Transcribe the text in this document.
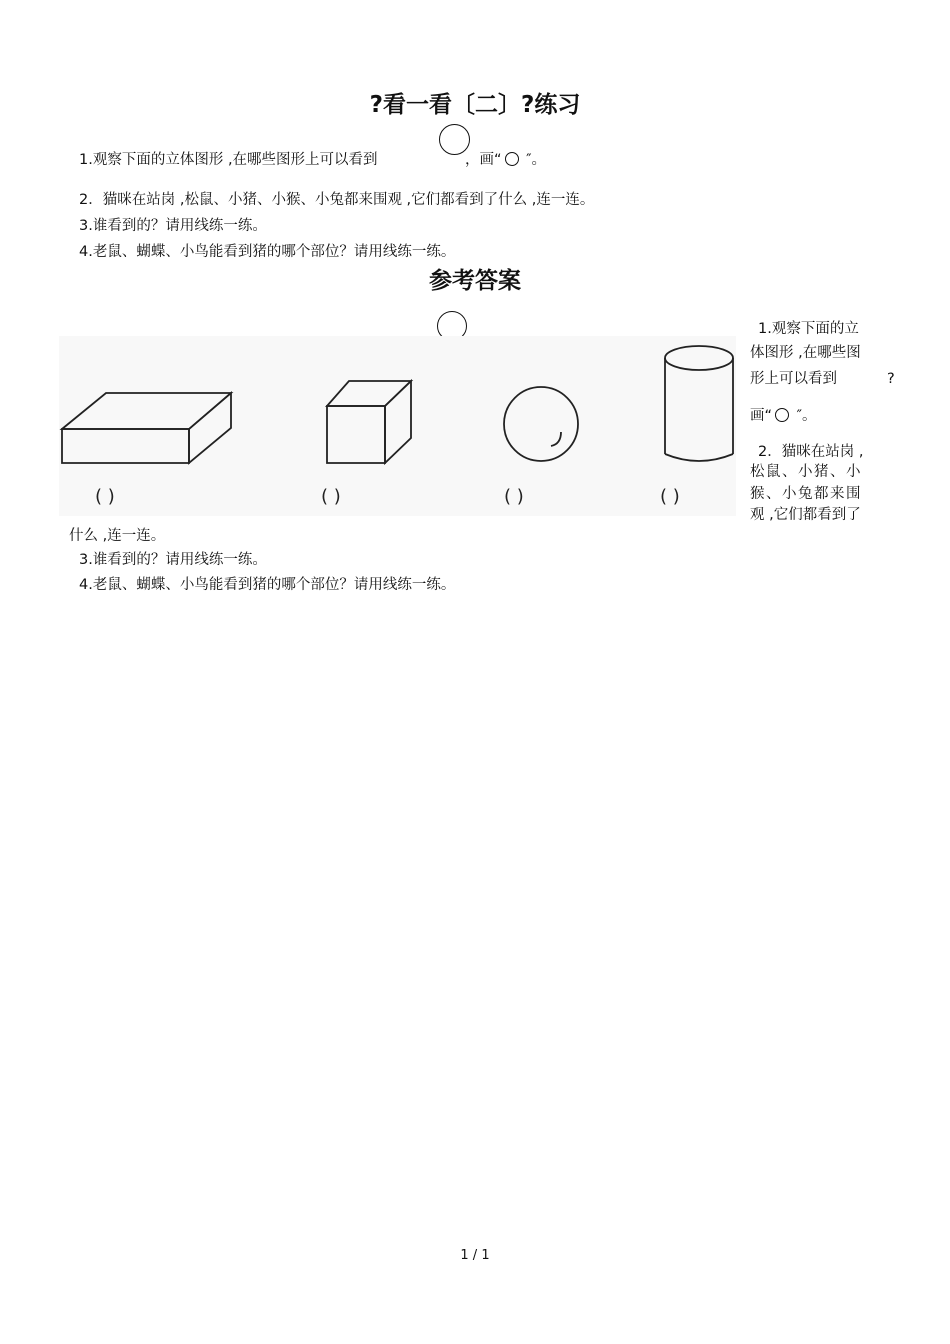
?看一看〔二〕?练习
1.观察下面的立体图形 ,在哪些图形上可以看到	，画“ ″。
2．猫咪在站岗 ,松鼠、小猪、小猴、小兔都来围观 ,它们都看到了什么 ,连一连。
3.谁看到的？请用线练一练。
4.老鼠、蝴蝶、小鸟能看到猪的哪个部位？请用线练一练。
参考答案
( )	( )	( )	( )
1.观察下面的立
体图形 ,在哪些图
形上可以看到	?
画“ ″。
2．猫咪在站岗 ,
松鼠、小猪、小
猴、小兔都来围
观 ,它们都看到了
什么 ,连一连。
3.谁看到的？请用线练一练。
4.老鼠、蝴蝶、小鸟能看到猪的哪个部位？请用线练一练。
1 / 1
